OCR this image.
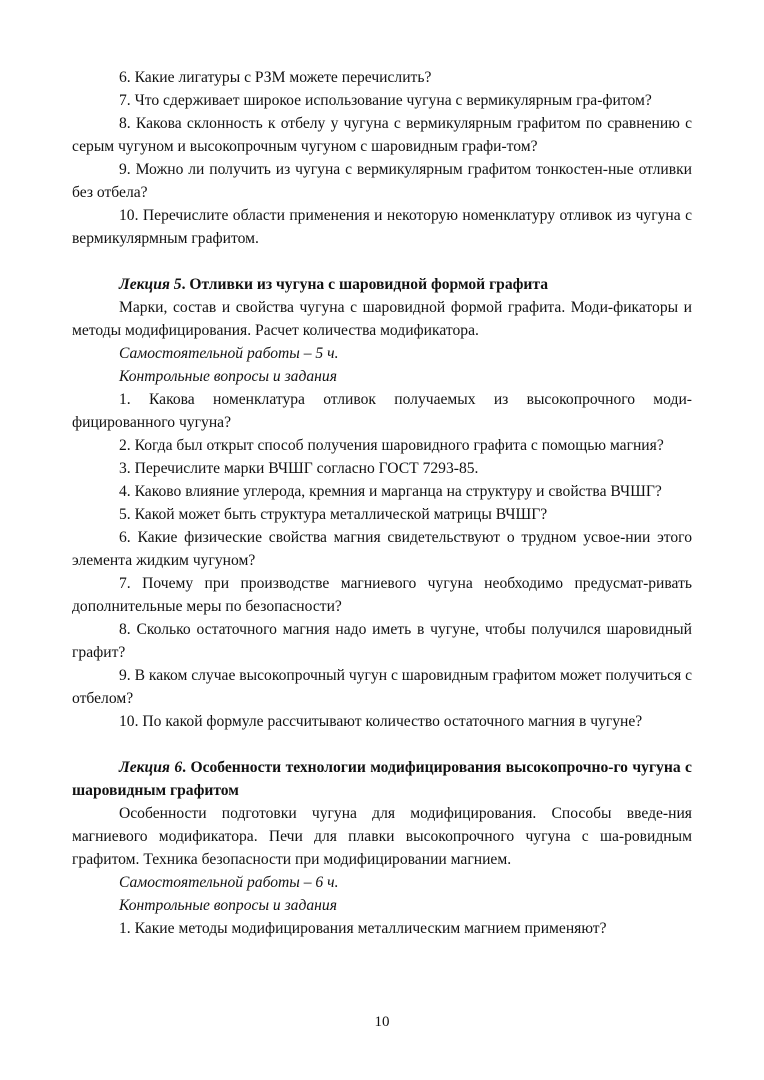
6. Какие лигатуры с РЗМ можете перечислить?

7. Что сдерживает широкое использование чугуна с вермикулярным гра-фитом?

8. Какова склонность к отбелу у чугуна с вермикулярным графитом по сравнению с серым чугуном и высокопрочным чугуном с шаровидным графи-том?

9. Можно ли получить из чугуна с вермикулярным графитом тонкостен-ные отливки без отбела?

10. Перечислите области применения и некоторую номенклатуру отливок из чугуна с вермикулярмным графитом.

Лекция 5. Отливки из чугуна с шаровидной формой графита

Марки, состав и свойства чугуна с шаровидной формой графита. Моди-фикаторы и методы модифицирования. Расчет количества модификатора.

Самостоятельной работы – 5 ч.

Контрольные вопросы и задания

1. Какова номенклатура отливок получаемых из высокопрочного моди-фицированного чугуна?

2. Когда был открыт способ получения шаровидного графита с помощью магния?

3. Перечислите марки ВЧШГ согласно ГОСТ 7293-85.

4. Каково влияние углерода, кремния и марганца на структуру и свойства ВЧШГ?

5. Какой может быть структура металлической матрицы ВЧШГ?

6. Какие физические свойства магния свидетельствуют о трудном усвое-нии этого элемента жидким чугуном?

7. Почему при производстве магниевого чугуна необходимо предусмат-ривать дополнительные меры по безопасности?

8. Сколько остаточного магния надо иметь в чугуне, чтобы получился шаровидный графит?

9. В каком случае высокопрочный чугун с шаровидным графитом может получиться с отбелом?

10. По какой формуле рассчитывают количество остаточного магния в чугуне?

Лекция 6. Особенности технологии модифицирования высокопрочно-го чугуна с шаровидным графитом

Особенности подготовки чугуна для модифицирования. Способы введе-ния магниевого модификатора. Печи для плавки высокопрочного чугуна с ша-ровидным графитом. Техника безопасности при модифицировании магнием.

Самостоятельной работы – 6 ч.

Контрольные вопросы и задания

1. Какие методы модифицирования металлическим магнием применяют?

10
